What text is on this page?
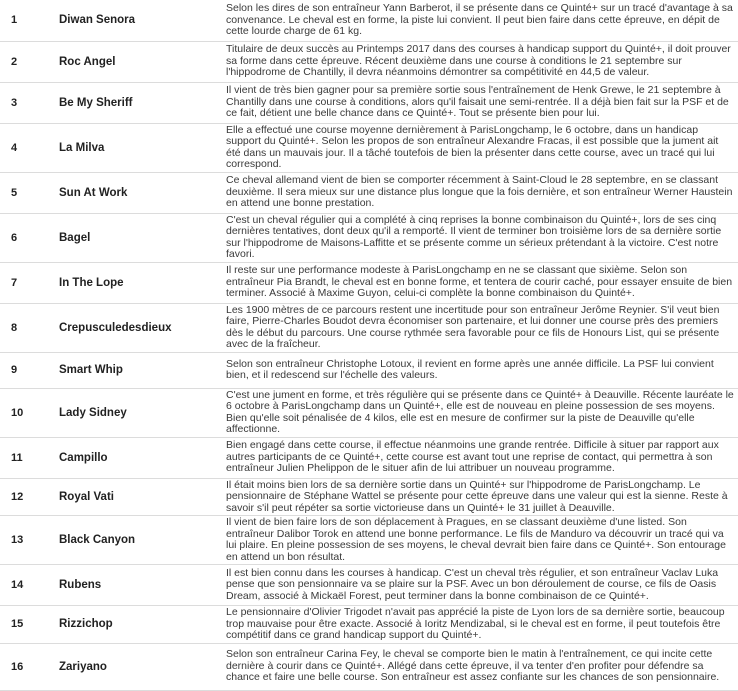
1	Diwan Senora	Selon les dires de son entraîneur Yann Barberot, il se présente dans ce Quinté+ sur un tracé d'avantage à sa convenance. Le cheval est en forme, la piste lui convient. Il peut bien faire dans cette épreuve, en dépit de cette lourde charge de 61 kg.

2	Roc Angel	Titulaire de deux succès au Printemps 2017 dans des courses à handicap support du Quinté+, il doit prouver sa forme dans cette épreuve. Récent deuxième dans une course à conditions le 21 septembre sur l'hippodrome de Chantilly, il devra néanmoins démontrer sa compétitivité en 44,5 de valeur.

3	Be My Sheriff	Il vient de très bien gagner pour sa première sortie sous l'entraînement de Henk Grewe, le 21 septembre à Chantilly dans une course à conditions, alors qu'il faisait une semi-rentrée. Il a déjà bien fait sur la PSF et de ce fait, détient une belle chance dans ce Quinté+. Tout se présente bien pour lui.

4	La Milva	Elle a effectué une course moyenne dernièrement à ParisLongchamp, le 6 octobre, dans un handicap support du Quinté+. Selon les propos de son entraîneur Alexandre Fracas, il est possible que la jument ait été dans un mauvais jour. Il a tâché toutefois de bien la présenter dans cette course, avec un tracé qui lui correspond.

5	Sun At Work	Ce cheval allemand vient de bien se comporter récemment à Saint-Cloud le 28 septembre, en se classant deuxième. Il sera mieux sur une distance plus longue que la fois dernière, et son entraîneur Werner Haustein en attend une bonne prestation.

6	Bagel	C'est un cheval régulier qui a complété à cinq reprises la bonne combinaison du Quinté+, lors de ses cinq dernières tentatives, dont deux qu'il a remporté. Il vient de terminer bon troisième lors de sa dernière sortie sur l'hippodrome de Maisons-Laffitte et se présente comme un sérieux prétendant à la victoire. C'est notre favori.

7	In The Lope	Il reste sur une performance modeste à ParisLongchamp en ne se classant que sixième. Selon son entraîneur Pia Brandt, le cheval est en bonne forme, et tentera de courir caché, pour essayer ensuite de bien terminer. Associé à Maxime Guyon, celui-ci complète la bonne combinaison du Quinté+.

8	Crepusculedesdieux	Les 1900 mètres de ce parcours restent une incertitude pour son entraîneur Jerôme Reynier. S'il veut bien faire, Pierre-Charles Boudot devra économiser son partenaire, et lui donner une course près des premiers dès le début du parcours. Une course rythmée sera favorable pour ce fils de Honours List, qui se présente avec de la fraîcheur.

9	Smart Whip	Selon son entraîneur Christophe Lotoux, il revient en forme après une année difficile. La PSF lui convient bien, et il redescend sur l'échelle des valeurs.

10	Lady Sidney	C'est une jument en forme, et très régulière qui se présente dans ce Quinté+ à Deauville. Récente lauréate le 6 octobre à ParisLongchamp dans un Quinté+, elle est de nouveau en pleine possession de ses moyens. Bien qu'elle soit pénalisée de 4 kilos, elle est en mesure de confirmer sur la piste de Deauville qu'elle affectionne.

11	Campillo	Bien engagé dans cette course, il effectue néanmoins une grande rentrée. Difficile à situer par rapport aux autres participants de ce Quinté+, cette course est avant tout une reprise de contact, qui permettra à son entraîneur Julien Phelippon de le situer afin de lui attribuer un nouveau programme.

12	Royal Vati	Il était moins bien lors de sa dernière sortie dans un Quinté+ sur l'hippodrome de ParisLongchamp. Le pensionnaire de Stéphane Wattel se présente pour cette épreuve dans une valeur qui est la sienne. Reste à savoir s'il peut répéter sa sortie victorieuse dans un Quinté+ le 31 juillet à Deauville.

13	Black Canyon	Il vient de bien faire lors de son déplacement à Pragues, en se classant deuxième d'une listed. Son entraîneur Dalibor Torok en attend une bonne performance. Le fils de Manduro va découvrir un tracé qui va lui plaire. En pleine possession de ses moyens, le cheval devrait bien faire dans ce Quinté+. Son entourage en attend un bon résultat.

14	Rubens	Il est bien connu dans les courses à handicap. C'est un cheval très régulier, et son entraîneur Vaclav Luka pense que son pensionnaire va se plaire sur la PSF. Avec un bon déroulement de course, ce fils de Oasis Dream, associé à Mickaël Forest, peut terminer dans la bonne combinaison de ce Quinté+.

15	Rizzichop	Le pensionnaire d'Olivier Trigodet n'avait pas apprécié la piste de Lyon lors de sa dernière sortie, beaucoup trop mauvaise pour être exacte. Associé à Ioritz Mendizabal, si le cheval est en forme, il peut toutefois être compétitif dans ce grand handicap support du Quinté+.

16	Zariyano	Selon son entraîneur Carina Fey, le cheval se comporte bien le matin à l'entraînement, ce qui incite cette dernière à courir dans ce Quinté+. Allégé dans cette épreuve, il va tenter d'en profiter pour défendre sa chance et faire une belle course. Son entraîneur est assez confiante sur les chances de son pensionnaire.
